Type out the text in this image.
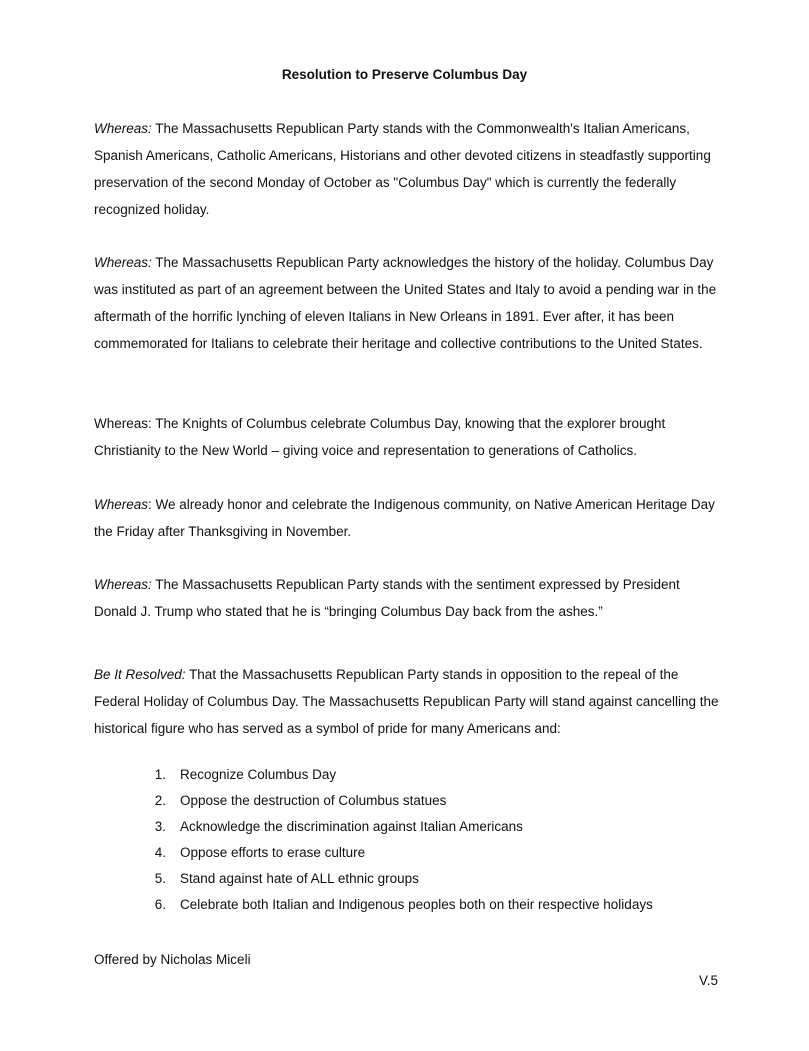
Resolution to Preserve Columbus Day

Whereas: The Massachusetts Republican Party stands with the Commonwealth's Italian Americans, Spanish Americans, Catholic Americans, Historians and other devoted citizens in steadfastly supporting preservation of the second Monday of October as "Columbus Day" which is currently the federally recognized holiday.

Whereas: The Massachusetts Republican Party acknowledges the history of the holiday. Columbus Day was instituted as part of an agreement between the United States and Italy to avoid a pending war in the aftermath of the horrific lynching of eleven Italians in New Orleans in 1891. Ever after, it has been commemorated for Italians to celebrate their heritage and collective contributions to the United States.

Whereas: The Knights of Columbus celebrate Columbus Day, knowing that the explorer brought Christianity to the New World – giving voice and representation to generations of Catholics.

Whereas: We already honor and celebrate the Indigenous community, on Native American Heritage Day the Friday after Thanksgiving in November.

Whereas: The Massachusetts Republican Party stands with the sentiment expressed by President Donald J. Trump who stated that he is “bringing Columbus Day back from the ashes.”

Be It Resolved: That the Massachusetts Republican Party stands in opposition to the repeal of the Federal Holiday of Columbus Day. The Massachusetts Republican Party will stand against cancelling the historical figure who has served as a symbol of pride for many Americans and:

1. Recognize Columbus Day
2. Oppose the destruction of Columbus statues
3. Acknowledge the discrimination against Italian Americans
4. Oppose efforts to erase culture
5. Stand against hate of ALL ethnic groups
6. Celebrate both Italian and Indigenous peoples both on their respective holidays
Offered by Nicholas Miceli
V.5
